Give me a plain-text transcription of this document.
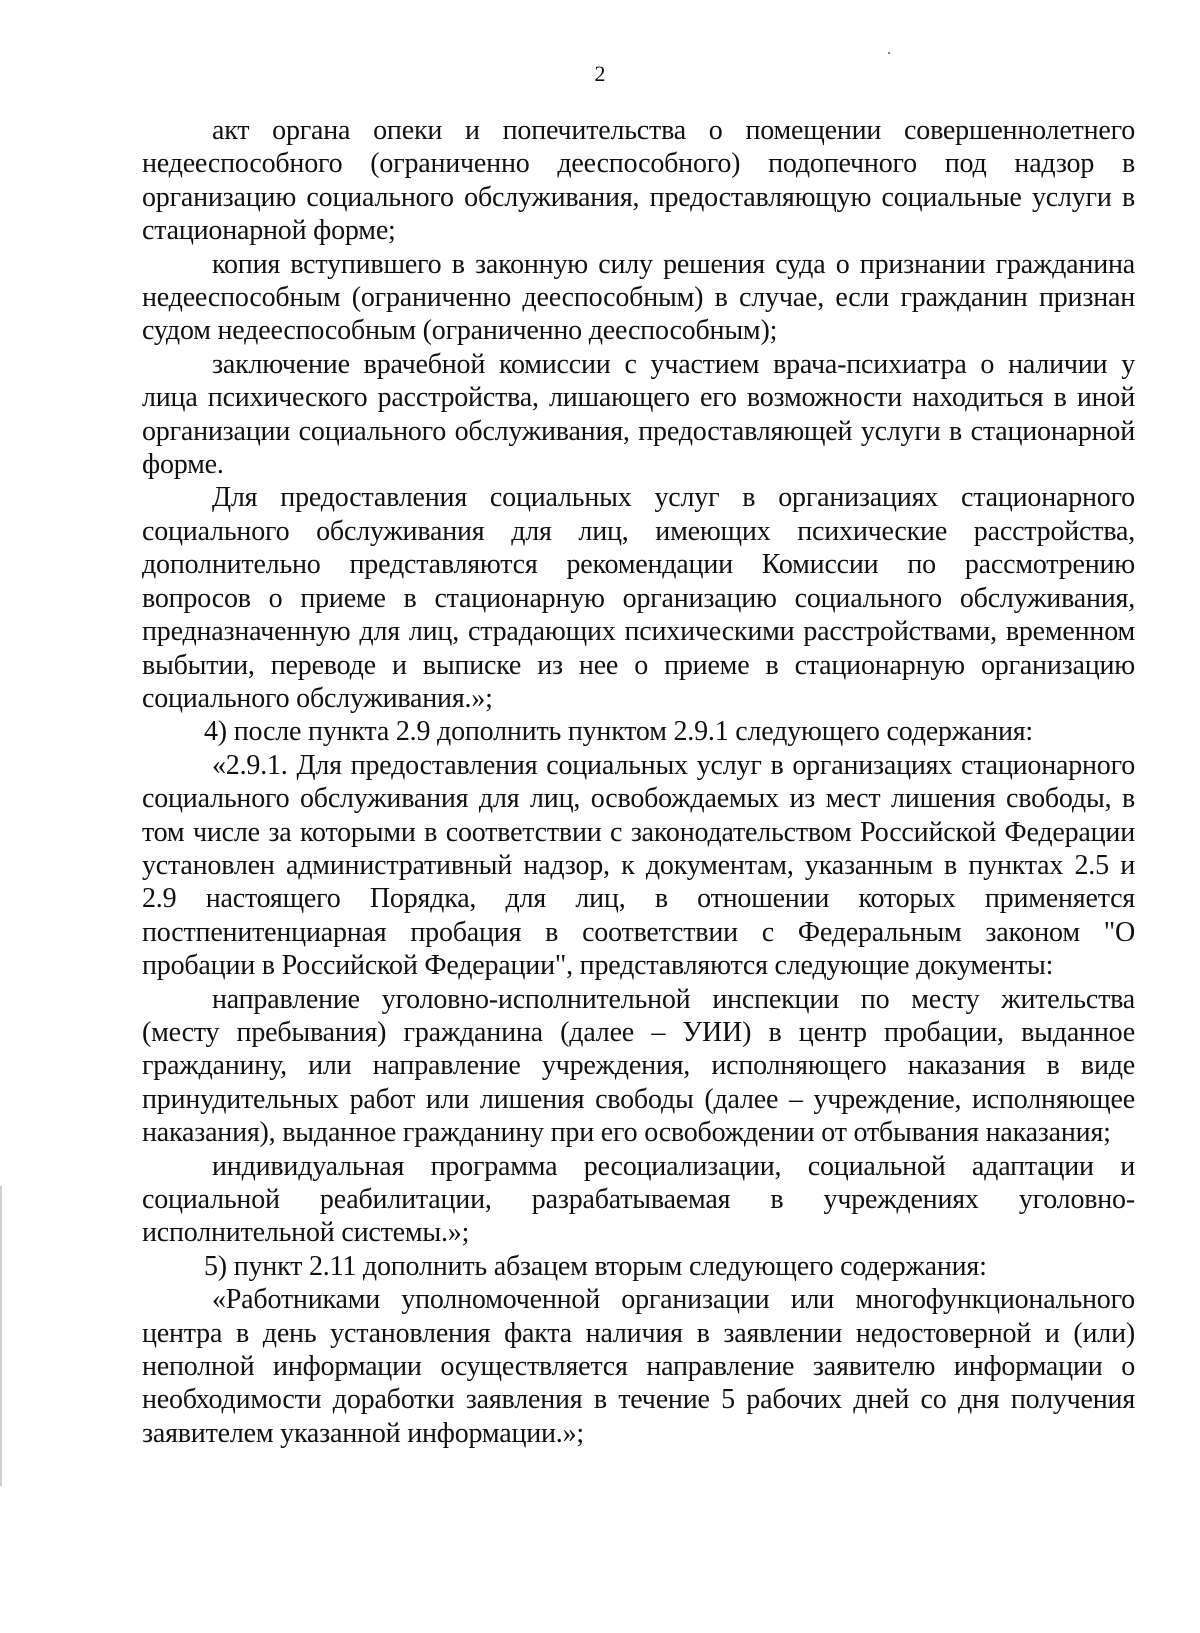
2

акт органа опеки и попечительства о помещении совершеннолетнего недееспособного (ограниченно дееспособного) подопечного под надзор в организацию социального обслуживания, предоставляющую социальные услуги в стационарной форме;

копия вступившего в законную силу решения суда о признании гражданина недееспособным (ограниченно дееспособным) в случае, если гражданин признан судом недееспособным (ограниченно дееспособным);

заключение врачебной комиссии с участием врача-психиатра о наличии у лица психического расстройства, лишающего его возможности находиться в иной организации социального обслуживания, предоставляющей услуги в стационарной форме.

Для предоставления социальных услуг в организациях стационарного социального обслуживания для лиц, имеющих психические расстройства, дополнительно представляются рекомендации Комиссии по рассмотрению вопросов о приеме в стационарную организацию социального обслуживания, предназначенную для лиц, страдающих психическими расстройствами, временном выбытии, переводе и выписке из нее о приеме в стационарную организацию социального обслуживания.»;

4) после пункта 2.9 дополнить пунктом 2.9.1 следующего содержания:

«2.9.1. Для предоставления социальных услуг в организациях стационарного социального обслуживания для лиц, освобождаемых из мест лишения свободы, в том числе за которыми в соответствии с законодательством Российской Федерации установлен административный надзор, к документам, указанным в пунктах 2.5 и 2.9 настоящего Порядка, для лиц, в отношении которых применяется постпенитенциарная пробация в соответствии с Федеральным законом "О пробации в Российской Федерации", представляются следующие документы:

направление уголовно-исполнительной инспекции по месту жительства (месту пребывания) гражданина (далее – УИИ) в центр пробации, выданное гражданину, или направление учреждения, исполняющего наказания в виде принудительных работ или лишения свободы (далее – учреждение, исполняющее наказания), выданное гражданину при его освобождении от отбывания наказания;

индивидуальная программа ресоциализации, социальной адаптации и социальной реабилитации, разрабатываемая в учреждениях уголовно-исполнительной системы.»;

5) пункт 2.11 дополнить абзацем вторым следующего содержания:

«Работниками уполномоченной организации или многофункционального центра в день установления факта наличия в заявлении недостоверной и (или) неполной информации осуществляется направление заявителю информации о необходимости доработки заявления в течение 5 рабочих дней со дня получения заявителем указанной информации.»;
